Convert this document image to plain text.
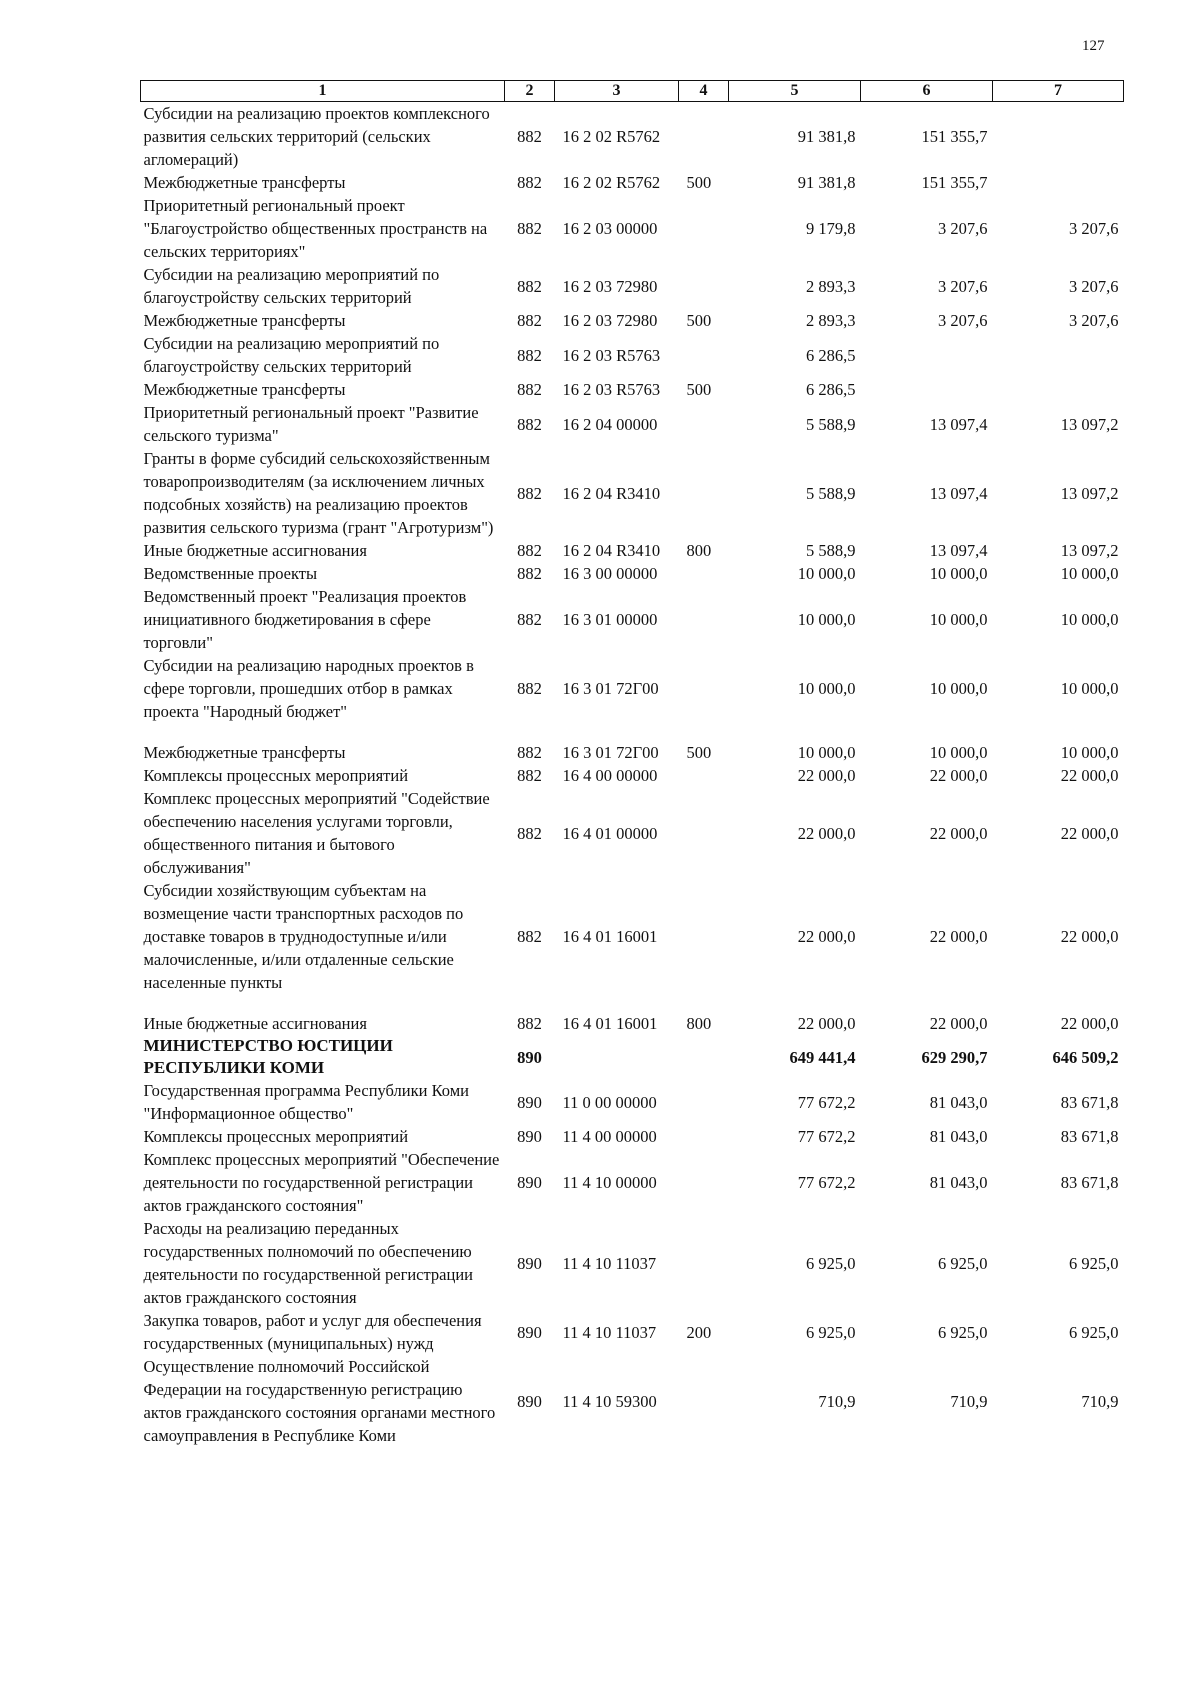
127
1	2	3	4	5	6	7
Субсидии на реализацию проектов комплексного развития сельских территорий (сельских агломераций)	882	16 2 02 R5762		91 381,8	151 355,7	
Межбюджетные трансферты	882	16 2 02 R5762	500	91 381,8	151 355,7	
Приоритетный региональный проект "Благоустройство общественных пространств на сельских территориях"	882	16 2 03 00000		9 179,8	3 207,6	3 207,6
Субсидии на реализацию мероприятий по благоустройству сельских территорий	882	16 2 03 72980		2 893,3	3 207,6	3 207,6
Межбюджетные трансферты	882	16 2 03 72980	500	2 893,3	3 207,6	3 207,6
Субсидии на реализацию мероприятий по благоустройству сельских территорий	882	16 2 03 R5763		6 286,5		
Межбюджетные трансферты	882	16 2 03 R5763	500	6 286,5		
Приоритетный региональный проект "Развитие сельского туризма"	882	16 2 04 00000		5 588,9	13 097,4	13 097,2
Гранты в форме субсидий сельскохозяйственным товаропроизводителям (за исключением личных подсобных хозяйств) на реализацию проектов развития сельского туризма (грант "Агротуризм")	882	16 2 04 R3410		5 588,9	13 097,4	13 097,2
Иные бюджетные ассигнования	882	16 2 04 R3410	800	5 588,9	13 097,4	13 097,2
Ведомственные проекты	882	16 3 00 00000		10 000,0	10 000,0	10 000,0
Ведомственный проект "Реализация проектов инициативного бюджетирования в сфере торговли"	882	16 3 01 00000		10 000,0	10 000,0	10 000,0
Субсидии на реализацию народных проектов в сфере торговли, прошедших отбор в рамках проекта "Народный бюджет"	882	16 3 01 72Г00		10 000,0	10 000,0	10 000,0
Межбюджетные трансферты	882	16 3 01 72Г00	500	10 000,0	10 000,0	10 000,0
Комплексы процессных мероприятий	882	16 4 00 00000		22 000,0	22 000,0	22 000,0
Комплекс процессных мероприятий "Содействие обеспечению населения услугами торговли, общественного питания и бытового обслуживания"	882	16 4 01 00000		22 000,0	22 000,0	22 000,0
Субсидии хозяйствующим субъектам на возмещение части транспортных расходов по доставке товаров в труднодоступные и/или малочисленные, и/или отдаленные сельские населенные пункты	882	16 4 01 16001		22 000,0	22 000,0	22 000,0
Иные бюджетные ассигнования	882	16 4 01 16001	800	22 000,0	22 000,0	22 000,0
МИНИСТЕРСТВО ЮСТИЦИИ РЕСПУБЛИКИ КОМИ	890			649 441,4	629 290,7	646 509,2
Государственная программа Республики Коми "Информационное общество"	890	11 0 00 00000		77 672,2	81 043,0	83 671,8
Комплексы процессных мероприятий	890	11 4 00 00000		77 672,2	81 043,0	83 671,8
Комплекс процессных мероприятий "Обеспечение деятельности по государственной регистрации актов гражданского состояния"	890	11 4 10 00000		77 672,2	81 043,0	83 671,8
Расходы на реализацию переданных государственных полномочий по обеспечению деятельности по государственной регистрации актов гражданского состояния	890	11 4 10 11037		6 925,0	6 925,0	6 925,0
Закупка товаров, работ и услуг для обеспечения государственных (муниципальных) нужд	890	11 4 10 11037	200	6 925,0	6 925,0	6 925,0
Осуществление полномочий Российской Федерации на государственную регистрацию актов гражданского состояния органами местного самоуправления в Республике Коми	890	11 4 10 59300		710,9	710,9	710,9
